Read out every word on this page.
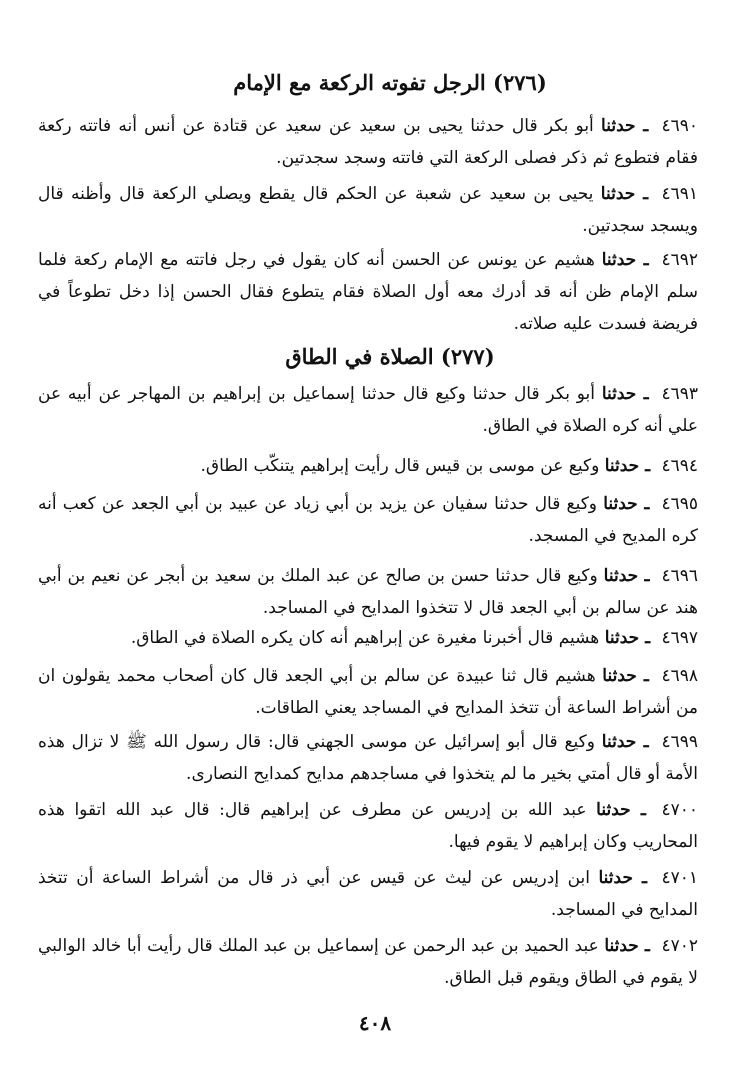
(٢٧٦) الرجل تفوته الركعة مع الإمام
٤٦٩٠ ـ حدثنا أبو بكر قال حدثنا يحيى بن سعيد عن سعيد عن قتادة عن أنس أنه فاتته ركعة فقام فتطوع ثم ذكر فصلى الركعة التي فاتته وسجد سجدتين.
٤٦٩١ ـ حدثنا يحيى بن سعيد عن شعبة عن الحكم قال يقطع ويصلي الركعة قال وأظنه قال ويسجد سجدتين.
٤٦٩٢ ـ حدثنا هشيم عن يونس عن الحسن أنه كان يقول في رجل فاتته مع الإمام ركعة فلما سلم الإمام ظن أنه قد أدرك معه أول الصلاة فقام يتطوع فقال الحسن إذا دخل تطوعاً في فريضة فسدت عليه صلاته.
(٢٧٧) الصلاة في الطاق
٤٦٩٣ ـ حدثنا أبو بكر قال حدثنا وكيع قال حدثنا إسماعيل بن إبراهيم بن المهاجر عن أبيه عن علي أنه كره الصلاة في الطاق.
٤٦٩٤ ـ حدثنا وكيع عن موسى بن قيس قال رأيت إبراهيم يتنكّب الطاق.
٤٦٩٥ ـ حدثنا وكيع قال حدثنا سفيان عن يزيد بن أبي زياد عن عبيد بن أبي الجعد عن كعب أنه كره المديح في المسجد.
٤٦٩٦ ـ حدثنا وكيع قال حدثنا حسن بن صالح عن عبد الملك بن سعيد بن أبجر عن نعيم بن أبي هند عن سالم بن أبي الجعد قال لا تتخذوا المدايح في المساجد.
٤٦٩٧ ـ حدثنا هشيم قال أخبرنا مغيرة عن إبراهيم أنه كان يكره الصلاة في الطاق.
٤٦٩٨ ـ حدثنا هشيم قال ثنا عبيدة عن سالم بن أبي الجعد قال كان أصحاب محمد يقولون ان من أشراط الساعة أن تتخذ المدايح في المساجد يعني الطاقات.
٤٦٩٩ ـ حدثنا وكيع قال أبو إسرائيل عن موسى الجهني قال: قال رسول الله ﷺ لا تزال هذه الأمة أو قال أمتي بخير ما لم يتخذوا في مساجدهم مدايح كمدايح النصارى.
٤٧٠٠ ـ حدثنا عبد الله بن إدريس عن مطرف عن إبراهيم قال: قال عبد الله اتقوا هذه المحاريب وكان إبراهيم لا يقوم فيها.
٤٧٠١ ـ حدثنا ابن إدريس عن ليث عن قيس عن أبي ذر قال من أشراط الساعة أن تتخذ المدايح في المساجد.
٤٧٠٢ ـ حدثنا عبد الحميد بن عبد الرحمن عن إسماعيل بن عبد الملك قال رأيت أبا خالد الوالبي لا يقوم في الطاق ويقوم قبل الطاق.
٤٠٨
